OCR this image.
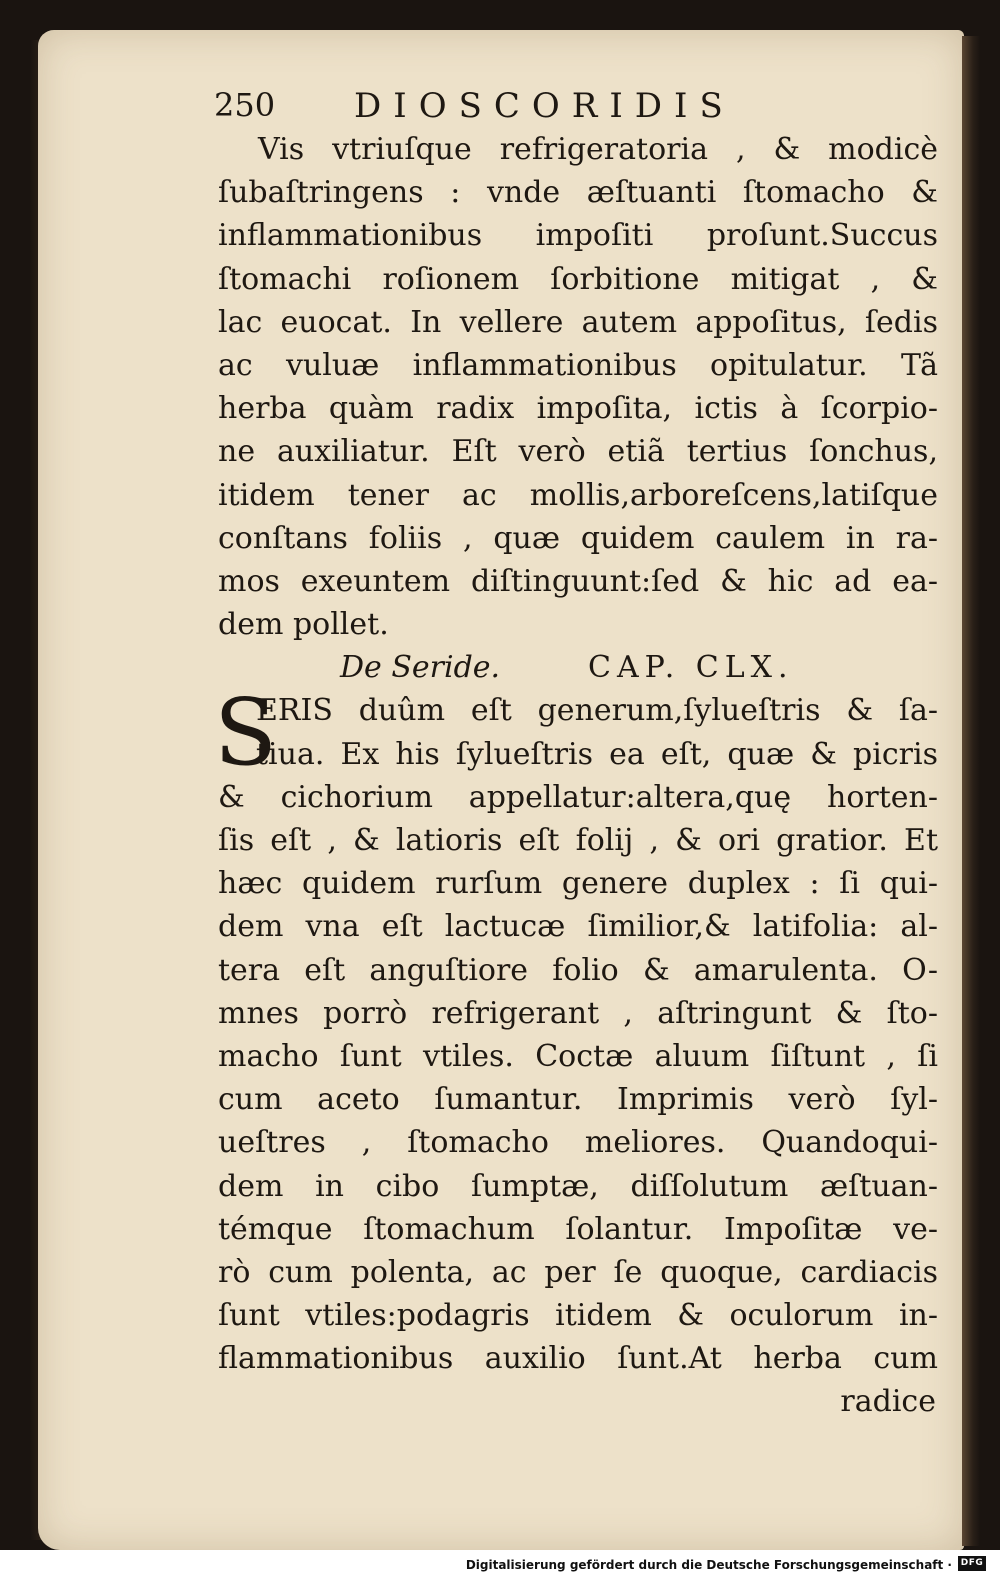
250 DIOSCORIDIS
Vis vtriuſque refrigeratoria , & modicè
ſubaſtringens : vnde æſtuanti ſtomacho &
inflammationibus impoſiti proſunt.Succus
ſtomachi roſionem ſorbitione mitigat , &
lac euocat. In vellere autem appoſitus, ſedis
ac vuluæ inflammationibus opitulatur. Tã
herba quàm radix impoſita, ictis à ſcorpio-
ne auxiliatur. Eſt verò etiã tertius ſonchus,
itidem tener ac mollis,arboreſcens,latiſque
conſtans foliis , quæ quidem caulem in ra-
mos exeuntem diſtinguunt:ſed & hic ad ea-
dem pollet.
De Seride.	CAP. CLX.
S
ERIS duûm eſt generum,ſylueſtris & ſa-
tiua. Ex his ſylueſtris ea eſt, quæ & picris
& cichorium appellatur:altera,quę horten-
ſis eſt , & latioris eſt folij , & ori gratior. Et
hæc quidem rurſum genere duplex : ſi qui-
dem vna eſt lactucæ ſimilior,& latifolia: al-
tera eſt anguſtiore folio & amarulenta. O-
mnes porrò refrigerant , aſtringunt & ſto-
macho ſunt vtiles. Coctæ aluum ſiſtunt , ſi
cum aceto ſumantur. Imprimis verò ſyl-
ueſtres , ſtomacho meliores. Quandoqui-
dem in cibo ſumptæ, diſſolutum æſtuan-
témque ſtomachum ſolantur. Impoſitæ ve-
rò cum polenta, ac per ſe quoque, cardiacis
ſunt vtiles:podagris itidem & oculorum in-
flammationibus auxilio ſunt.At herba cum
radice
Digitalisierung gefördert durch die Deutsche Forschungsgemeinschaft · DFG
